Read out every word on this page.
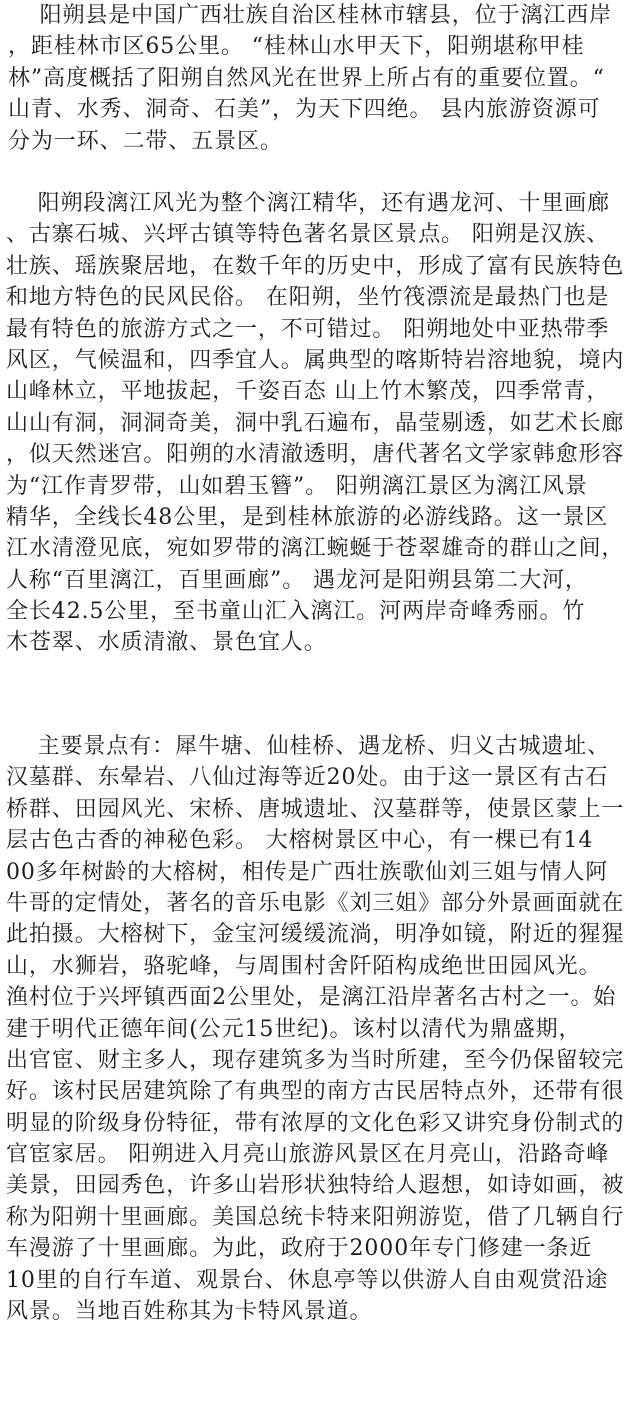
阳朔县是中国广西壮族自治区桂林市辖县，位于漓江西岸
，距桂林市区65公里。 “桂林山水甲天下，阳朔堪称甲桂
林”高度概括了阳朔自然风光在世界上所占有的重要位置。“
山青、水秀、洞奇、石美”，为天下四绝。 县内旅游资源可
分为一环、二带、五景区。
阳朔段漓江风光为整个漓江精华，还有遇龙河、十里画廊
、古寨石城、兴坪古镇等特色著名景区景点。 阳朔是汉族、
壮族、瑶族聚居地，在数千年的历史中，形成了富有民族特色
和地方特色的民风民俗。 在阳朔，坐竹筏漂流是最热门也是
最有特色的旅游方式之一，不可错过。 阳朔地处中亚热带季
风区，气候温和，四季宜人。属典型的喀斯特岩溶地貌，境内
山峰林立，平地拔起，千姿百态 山上竹木繁茂，四季常青，
山山有洞，洞洞奇美，洞中乳石遍布，晶莹剔透，如艺术长廊
，似天然迷宫。阳朔的水清澈透明，唐代著名文学家韩愈形容
为“江作青罗带，山如碧玉簪”。 阳朔漓江景区为漓江风景
精华，全线长48公里，是到桂林旅游的必游线路。这一景区
江水清澄见底，宛如罗带的漓江蜿蜒于苍翠雄奇的群山之间，
人称“百里漓江，百里画廊”。 遇龙河是阳朔县第二大河，
全长42.5公里，至书童山汇入漓江。河两岸奇峰秀丽。竹
木苍翠、水质清澈、景色宜人。
主要景点有：犀牛塘、仙桂桥、遇龙桥、归义古城遗址、
汉墓群、东晕岩、八仙过海等近20处。由于这一景区有古石
桥群、田园风光、宋桥、唐城遗址、汉墓群等，使景区蒙上一
层古色古香的神秘色彩。 大榕树景区中心，有一棵已有14
00多年树龄的大榕树，相传是广西壮族歌仙刘三姐与情人阿
牛哥的定情处，著名的音乐电影《刘三姐》部分外景画面就在
此拍摄。大榕树下，金宝河缓缓流淌，明净如镜，附近的猩猩
山，水狮岩，骆驼峰，与周围村舍阡陌构成绝世田园风光。
渔村位于兴坪镇西面2公里处，是漓江沿岸著名古村之一。始
建于明代正德年间(公元15世纪)。该村以清代为鼎盛期，
出官宦、财主多人，现存建筑多为当时所建，至今仍保留较完
好。该村民居建筑除了有典型的南方古民居特点外，还带有很
明显的阶级身份特征，带有浓厚的文化色彩又讲究身份制式的
官宦家居。 阳朔进入月亮山旅游风景区在月亮山，沿路奇峰
美景，田园秀色，许多山岩形状独特给人遐想，如诗如画，被
称为阳朔十里画廊。美国总统卡特来阳朔游览，借了几辆自行
车漫游了十里画廊。为此，政府于2000年专门修建一条近
10里的自行车道、观景台、休息亭等以供游人自由观赏沿途
风景。当地百姓称其为卡特风景道。
